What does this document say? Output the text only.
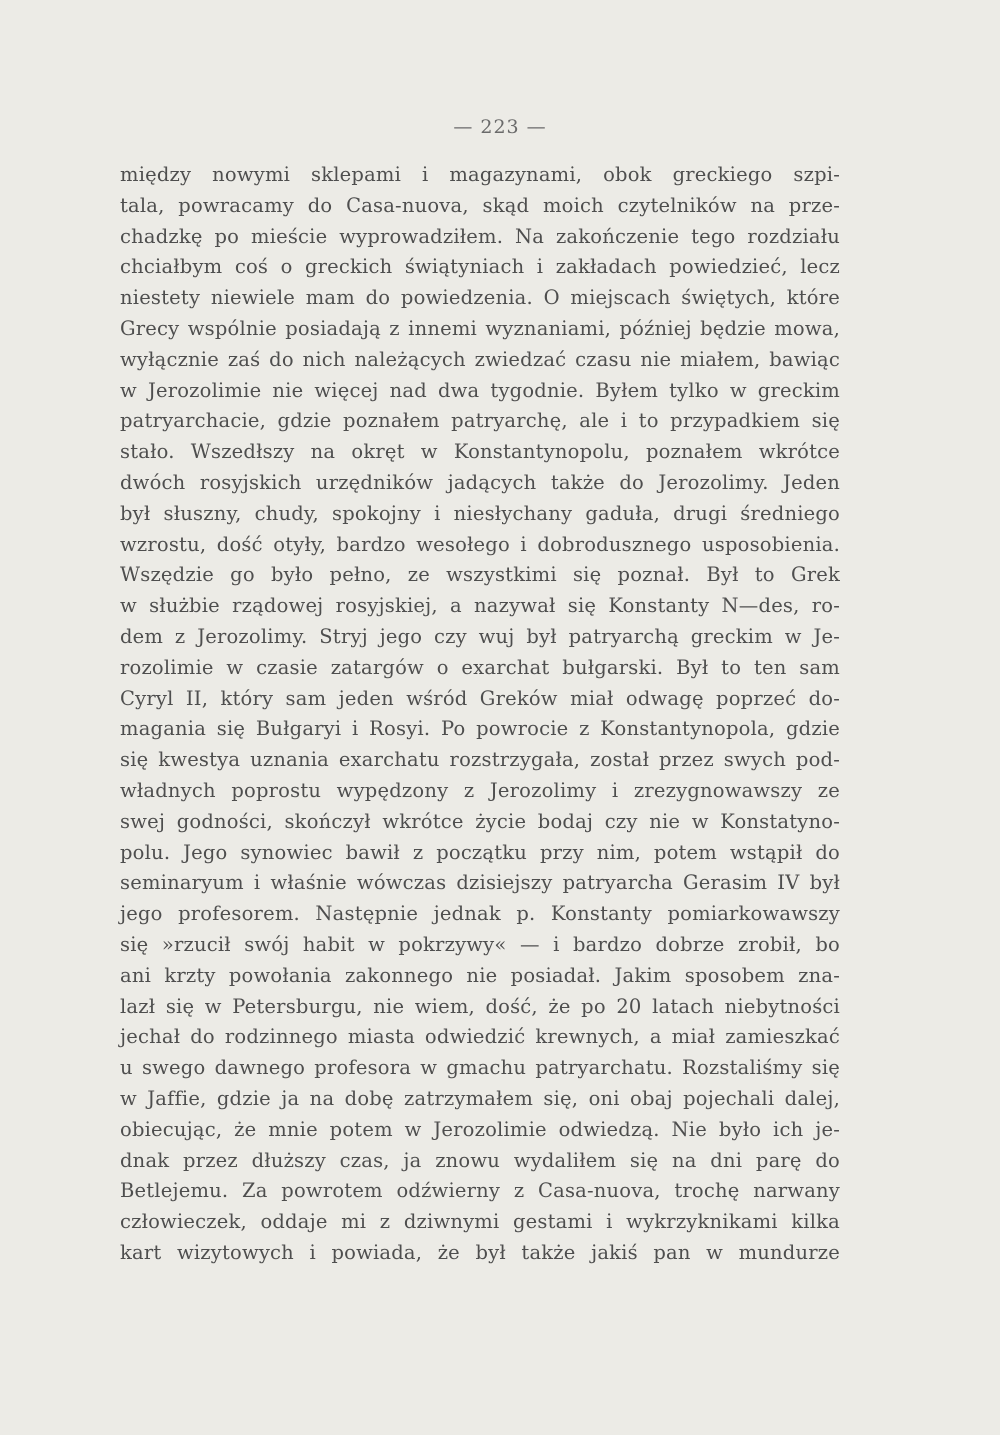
— 223 —
między nowymi sklepami i magazynami, obok greckiego szpi-
tala, powracamy do Casa-nuova, skąd moich czytelników na prze-
chadzkę po mieście wyprowadziłem. Na zakończenie tego rozdziału
chciałbym coś o greckich świątyniach i zakładach powiedzieć, lecz
niestety niewiele mam do powiedzenia. O miejscach świętych, które
Grecy wspólnie posiadają z innemi wyznaniami, później będzie mowa,
wyłącznie zaś do nich należących zwiedzać czasu nie miałem, bawiąc
w Jerozolimie nie więcej nad dwa tygodnie. Byłem tylko w greckim
patryarchacie, gdzie poznałem patryarchę, ale i to przypadkiem się
stało. Wszedłszy na okręt w Konstantynopolu, poznałem wkrótce
dwóch rosyjskich urzędników jadących także do Jerozolimy. Jeden
był słuszny, chudy, spokojny i niesłychany gaduła, drugi średniego
wzrostu, dość otyły, bardzo wesołego i dobrodusznego usposobienia.
Wszędzie go było pełno, ze wszystkimi się poznał. Był to Grek
w służbie rządowej rosyjskiej, a nazywał się Konstanty N—des, ro-
dem z Jerozolimy. Stryj jego czy wuj był patryarchą greckim w Je-
rozolimie w czasie zatargów o exarchat bułgarski. Był to ten sam
Cyryl II, który sam jeden wśród Greków miał odwagę poprzeć do-
magania się Bułgaryi i Rosyi. Po powrocie z Konstantynopola, gdzie
się kwestya uznania exarchatu rozstrzygała, został przez swych pod-
władnych poprostu wypędzony z Jerozolimy i zrezygnowawszy ze
swej godności, skończył wkrótce życie bodaj czy nie w Konstatyno-
polu. Jego synowiec bawił z początku przy nim, potem wstąpił do
seminaryum i właśnie wówczas dzisiejszy patryarcha Gerasim IV był
jego profesorem. Następnie jednak p. Konstanty pomiarkowawszy
się »rzucił swój habit w pokrzywy« — i bardzo dobrze zrobił, bo
ani krzty powołania zakonnego nie posiadał. Jakim sposobem zna-
lazł się w Petersburgu, nie wiem, dość, że po 20 latach niebytności
jechał do rodzinnego miasta odwiedzić krewnych, a miał zamieszkać
u swego dawnego profesora w gmachu patryarchatu. Rozstaliśmy się
w Jaffie, gdzie ja na dobę zatrzymałem się, oni obaj pojechali dalej,
obiecując, że mnie potem w Jerozolimie odwiedzą. Nie było ich je-
dnak przez dłuższy czas, ja znowu wydaliłem się na dni parę do
Betlejemu. Za powrotem odźwierny z Casa-nuova, trochę narwany
człowieczek, oddaje mi z dziwnymi gestami i wykrzyknikami kilka
kart wizytowych i powiada, że był także jakiś pan w mundurze
